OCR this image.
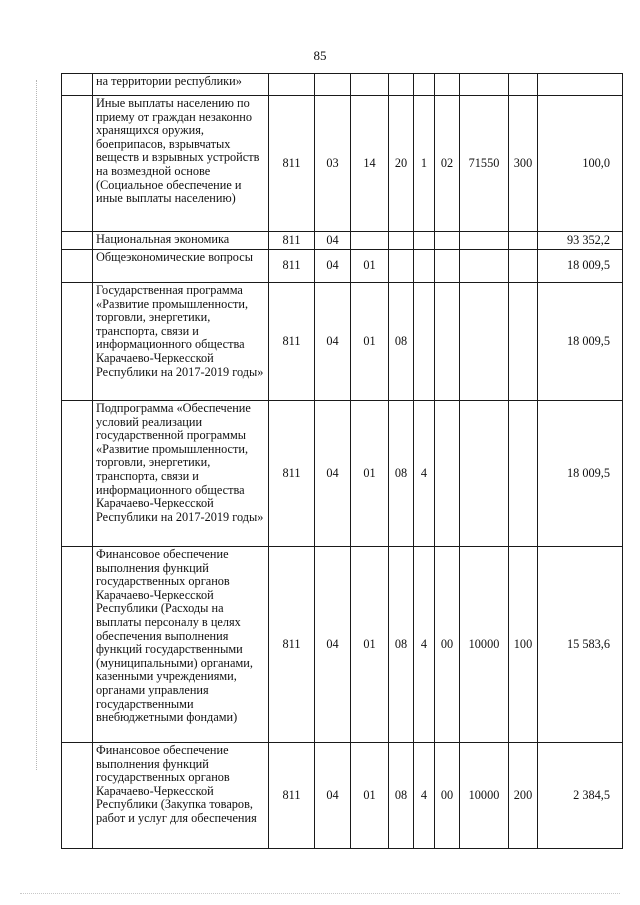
85
	на территории республики»									
	Иные выплаты населению по приему от граждан незаконно хранящихся оружия, боеприпасов, взрывчатых веществ и взрывных устройств на возмездной основе (Социальное обеспечение и иные выплаты населению)	811	03	14	20	1	02	71550	300	100,0
	Национальная экономика	811	04							93 352,2
	Общеэкономические вопросы	811	04	01						18 009,5
	Государственная программа «Развитие промышленности, торговли, энергетики, транспорта, связи и информационного общества Карачаево-Черкесской Республики на 2017-2019 годы»	811	04	01	08					18 009,5
	Подпрограмма «Обеспечение условий реализации государственной программы «Развитие промышленности, торговли, энергетики, транспорта, связи и информационного общества Карачаево-Черкесской Республики на 2017-2019 годы»	811	04	01	08	4				18 009,5
	Финансовое обеспечение выполнения функций государственных органов Карачаево-Черкесской Республики (Расходы на выплаты персоналу в целях обеспечения выполнения функций государственными (муниципальными) органами, казенными учреждениями, органами управления государственными внебюджетными фондами)	811	04	01	08	4	00	10000	100	15 583,6
	Финансовое обеспечение выполнения функций государственных органов Карачаево-Черкесской Республики (Закупка товаров, работ и услуг для обеспечения	811	04	01	08	4	00	10000	200	2 384,5
